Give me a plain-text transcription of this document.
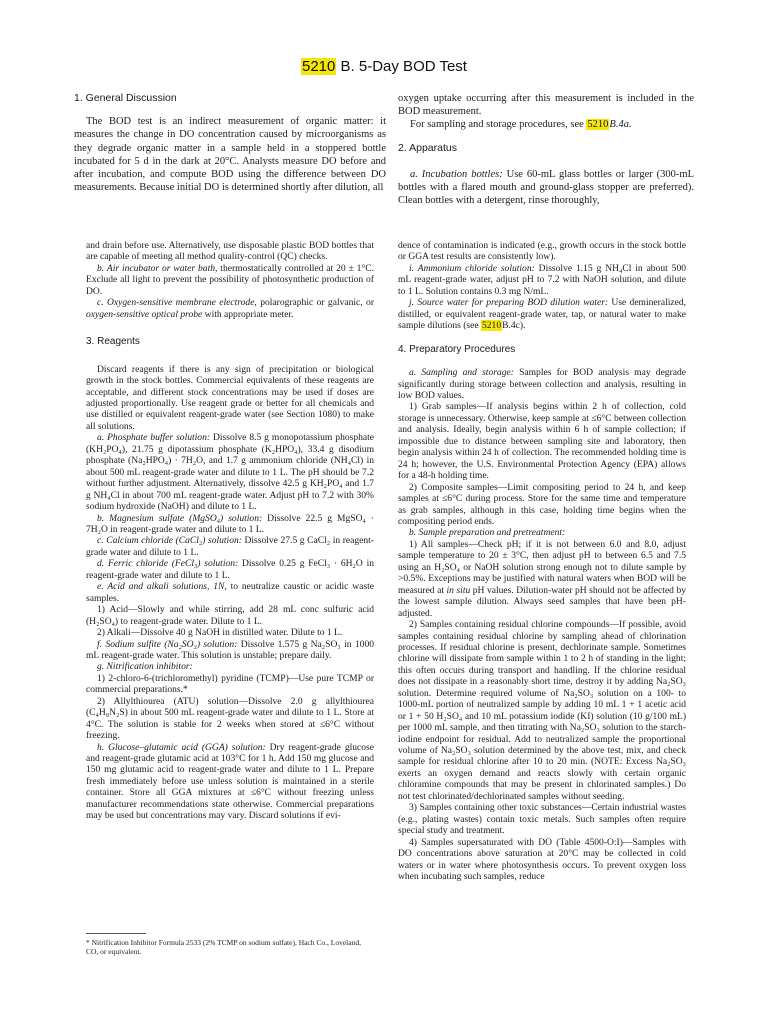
5210 B. 5-Day BOD Test
1. General Discussion

The BOD test is an indirect measurement of organic matter: it measures the change in DO concentration caused by microorganisms as they degrade organic matter in a sample held in a stoppered bottle incubated for 5 d in the dark at 20°C. Analysts measure DO before and after incubation, and compute BOD using the difference between DO measurements. Because initial DO is determined shortly after dilution, all

oxygen uptake occurring after this measurement is included in the BOD measurement.

For sampling and storage procedures, see 5210B.4a.

2. Apparatus

a. Incubation bottles: Use 60-mL glass bottles or larger (300-mL bottles with a flared mouth and ground-glass stopper are preferred). Clean bottles with a detergent, rinse thoroughly,

and drain before use. Alternatively, use disposable plastic BOD bottles that are capable of meeting all method quality-control (QC) checks.

b. Air incubator or water bath, thermostatically controlled at 20 ± 1°C. Exclude all light to prevent the possibility of photosynthetic production of DO.

c. Oxygen-sensitive membrane electrode, polarographic or galvanic, or oxygen-sensitive optical probe with appropriate meter.

3. Reagents

Discard reagents if there is any sign of precipitation or biological growth in the stock bottles. Commercial equivalents of these reagents are acceptable, and different stock concentrations may be used if doses are adjusted proportionally. Use reagent grade or better for all chemicals and use distilled or equivalent reagent-grade water (see Section 1080) to make all solutions.

a. Phosphate buffer solution: Dissolve 8.5 g monopotassium phosphate (KH₂PO₄), 21.75 g dipotassium phosphate (K₂HPO₄), 33.4 g disodium phosphate (Na₂HPO₄) · 7H₂O, and 1.7 g ammonium chloride (NH₄Cl) in about 500 mL reagent-grade water and dilute to 1 L. The pH should be 7.2 without further adjustment. Alternatively, dissolve 42.5 g KH₂PO₄ and 1.7 g NH₄Cl in about 700 mL reagent-grade water. Adjust pH to 7.2 with 30% sodium hydroxide (NaOH) and dilute to 1 L.

b. Magnesium sulfate (MgSO₄) solution: Dissolve 22.5 g MgSO₄ · 7H₂O in reagent-grade water and dilute to 1 L.

c. Calcium chloride (CaCl₂) solution: Dissolve 27.5 g CaCl₂ in reagent-grade water and dilute to 1 L.

d. Ferric chloride (FeCl₃) solution: Dissolve 0.25 g FeCl₃ · 6H₂O in reagent-grade water and dilute to 1 L.

e. Acid and alkali solutions, 1N, to neutralize caustic or acidic waste samples.

1) Acid—Slowly and while stirring, add 28 mL conc sulfuric acid (H₂SO₄) to reagent-grade water. Dilute to 1 L.

2) Alkali—Dissolve 40 g NaOH in distilled water. Dilute to 1 L.

f. Sodium sulfite (Na₂SO₃) solution: Dissolve 1.575 g Na₂SO₃ in 1000 mL reagent-grade water. This solution is unstable; prepare daily.

g. Nitrification inhibitor:

1) 2-chloro-6-(trichloromethyl) pyridine (TCMP)—Use pure TCMP or commercial preparations.*

2) Allylthiourea (ATU) solution—Dissolve 2.0 g allylthiourea (C₄H₈N₂S) in about 500 mL reagent-grade water and dilute to 1 L. Store at 4°C. The solution is stable for 2 weeks when stored at ≤6°C without freezing.

h. Glucose–glutamic acid (GGA) solution: Dry reagent-grade glucose and reagent-grade glutamic acid at 103°C for 1 h. Add 150 mg glucose and 150 mg glutamic acid to reagent-grade water and dilute to 1 L. Prepare fresh immediately before use unless solution is maintained in a sterile container. Store all GGA mixtures at ≤6°C without freezing unless manufacturer recommendations state otherwise. Commercial preparations may be used but concentrations may vary. Discard solutions if evi-

* Nitrification Inhibitor Formula 2533 (2% TCMP on sodium sulfate), Hach Co., Loveland, CO, or equivalent.

dence of contamination is indicated (e.g., growth occurs in the stock bottle or GGA test results are consistently low).

i. Ammonium chloride solution: Dissolve 1.15 g NH₄Cl in about 500 mL reagent-grade water, adjust pH to 7.2 with NaOH solution, and dilute to 1 L. Solution contains 0.3 mg N/mL.

j. Source water for preparing BOD dilution water: Use demineralized, distilled, or equivalent reagent-grade water, tap, or natural water to make sample dilutions (see 5210B.4c).

4. Preparatory Procedures

a. Sampling and storage: Samples for BOD analysis may degrade significantly during storage between collection and analysis, resulting in low BOD values.

1) Grab samples—If analysis begins within 2 h of collection, cold storage is unnecessary. Otherwise, keep sample at ≤6°C between collection and analysis. Ideally, begin analysis within 6 h of sample collection; if impossible due to distance between sampling site and laboratory, then begin analysis within 24 h of collection. The recommended holding time is 24 h; however, the U.S. Environmental Protection Agency (EPA) allows for a 48-h holding time.

2) Composite samples—Limit compositing period to 24 h, and keep samples at ≤6°C during process. Store for the same time and temperature as grab samples, although in this case, holding time begins when the compositing period ends.

b. Sample preparation and pretreatment:

1) All samples—Check pH; if it is not between 6.0 and 8.0, adjust sample temperature to 20 ± 3°C, then adjust pH to between 6.5 and 7.5 using an H₂SO₄ or NaOH solution strong enough not to dilute sample by >0.5%. Exceptions may be justified with natural waters when BOD will be measured at in situ pH values. Dilution-water pH should not be affected by the lowest sample dilution. Always seed samples that have been pH-adjusted.

2) Samples containing residual chlorine compounds—If possible, avoid samples containing residual chlorine by sampling ahead of chlorination processes. If residual chlorine is present, dechlorinate sample. Sometimes chlorine will dissipate from sample within 1 to 2 h of standing in the light; this often occurs during transport and handling. If the chlorine residual does not dissipate in a reasonably short time, destroy it by adding Na₂SO₃ solution. Determine required volume of Na₂SO₃ solution on a 100- to 1000-mL portion of neutralized sample by adding 10 mL 1 + 1 acetic acid or 1 + 50 H₂SO₄ and 10 mL potassium iodide (KI) solution (10 g/100 mL) per 1000 mL sample, and then titrating with Na₂SO₃ solution to the starch-iodine endpoint for residual. Add to neutralized sample the proportional volume of Na₂SO₃ solution determined by the above test, mix, and check sample for residual chlorine after 10 to 20 min. (NOTE: Excess Na₂SO₃ exerts an oxygen demand and reacts slowly with certain organic chloramine compounds that may be present in chlorinated samples.) Do not test chlorinated/dechlorinated samples without seeding.

3) Samples containing other toxic substances—Certain industrial wastes (e.g., plating wastes) contain toxic metals. Such samples often require special study and treatment.

4) Samples supersaturated with DO (Table 4500-O:I)—Samples with DO concentrations above saturation at 20°C may be collected in cold waters or in water where photosynthesis occurs. To prevent oxygen loss when incubating such samples, reduce
